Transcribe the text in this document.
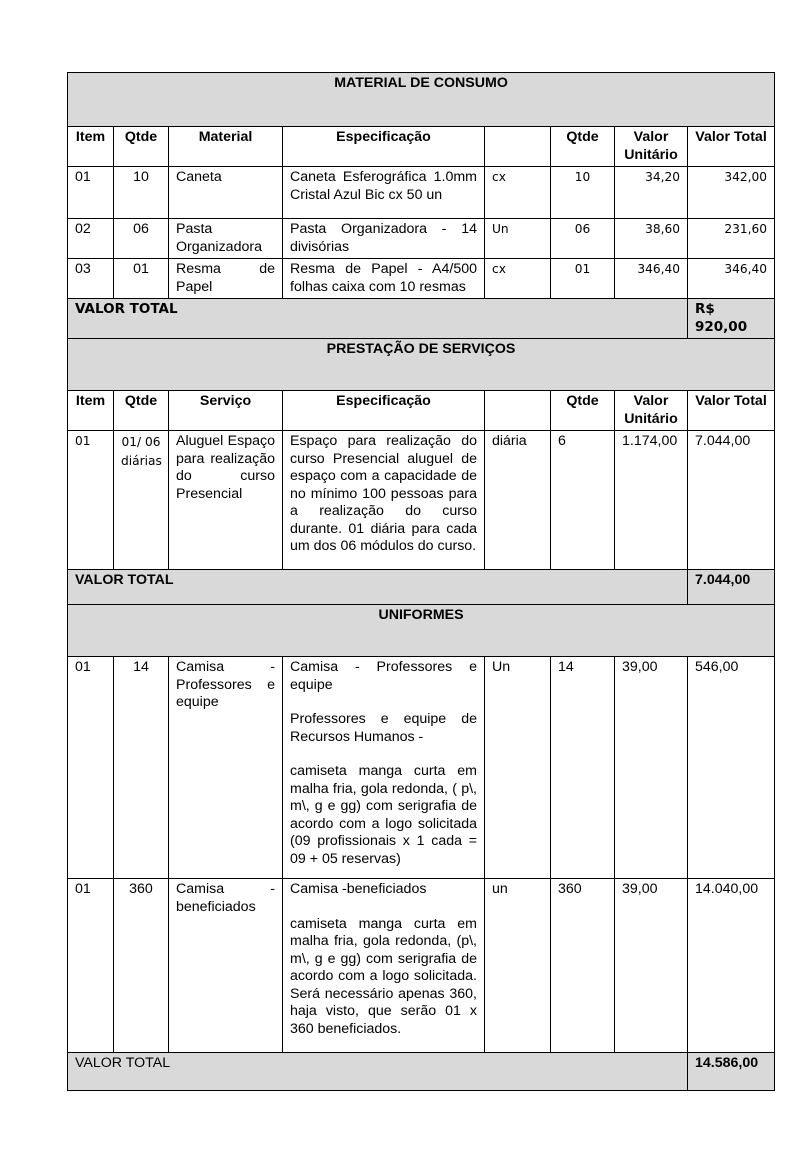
MATERIAL DE CONSUMO							
Item	Qtde	Material	Especificação		Qtde	Valor Unitário	Valor Total
01	10	Caneta	Caneta Esferográfica 1.0mm Cristal Azul Bic cx 50 un	cx	10	34,20	342,00
02	06	Pasta Organizadora	Pasta Organizadora - 14 divisórias	Un	06	38,60	231,60
03	01	Resma de Papel	Resma de Papel - A4/500 folhas caixa com 10 resmas	cx	01	346,40	346,40
VALOR TOTAL							R$ 920,00
PRESTAÇÃO DE SERVIÇOS							
Item	Qtde	Serviço	Especificação		Qtde	Valor Unitário	Valor Total
01	01/ 06 diárias	Aluguel Espaço para realização do curso Presencial	Espaço para realização do curso Presencial aluguel de espaço com a capacidade de no mínimo 100 pessoas para a realização do curso durante. 01 diária para cada um dos 06 módulos do curso.	diária	6	1.174,00	7.044,00
VALOR TOTAL							7.044,00
UNIFORMES							
01	14	Camisa - Professores e equipe	Camisa - Professores e equipe
Professores e equipe de Recursos Humanos -
camiseta manga curta em malha fria, gola redonda, ( p\, m\, g e gg) com serigrafia de acordo com a logo solicitada (09 profissionais x 1 cada = 09 + 05 reservas)	Un	14	39,00	546,00
01	360	Camisa - beneficiados	Camisa -beneficiados
camiseta manga curta em malha fria, gola redonda, (p\, m\, g e gg) com serigrafia de acordo com a logo solicitada. Será necessário apenas 360, haja visto, que serão 01 x 360 beneficiados.	un	360	39,00	14.040,00
VALOR TOTAL							14.586,00
